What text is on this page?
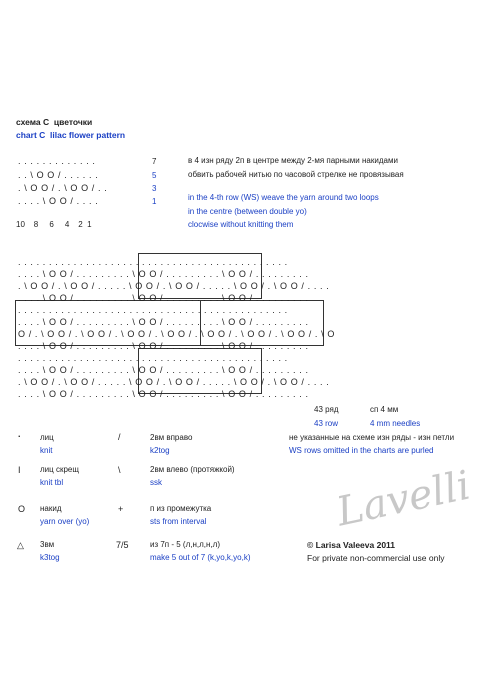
схема С  цветочки
chart C  lilac flower pattern
. . . . . . . . . . . . .	7
. . \ O O / . . . . . .	5
. \ O O / . \ O O / . .	3
. . . . \ O O / . . . .	1
10    8     6     4    2  1
в 4 изн ряду 2п в центре между 2-мя парными накидами
обвить рабочей нитью по часовой стрелке не провязывая
in the 4-th row (WS) weave the yarn around two loops
in the centre (between double yo)
clocwise without knitting them
. . . . . . . . . . . . . . . . . . . . . . . . . . . . . . . . . . . . . . . . . . . .
. . . . \ O O / . . . . . . . . . \ O O / . . . . . . . . . \ O O / . . . . . . . . .
. \ O O / . \ O O / . . . . . \ O O / . \ O O / . . . . . \ O O / . \ O O / . . . .
. . . . \ O O / . . . . . . . . . \ O O / . . . . . . . . . \ O O / . . . . . . . . .
. . . . . . . . . . . . . . . . . . . . . . . . . . . . . . . . . . . . . . . . . . . .
. . . . \ O O / . . . . . . . . . \ O O / . . . . . . . . . \ O O / . . . . . . . . .
O / . \ O O / . \ O O / . \ O O / . \ O O / . \ O O / . \ O O / . \ O O / . \ O
. . . . \ O O / . . . . . . . . . \ O O / . . . . . . . . . \ O O / . . . . . . . . .
. . . . . . . . . . . . . . . . . . . . . . . . . . . . . . . . . . . . . . . . . . . .
. . . . \ O O / . . . . . . . . . \ O O / . . . . . . . . . \ O O / . . . . . . . . .
. \ O O / . \ O O / . . . . . \ O O / . \ O O / . . . . . \ O O / . \ O O / . . . .
. . . . \ O O / . . . . . . . . . \ O O / . . . . . . . . . \ O O / . . . . . . . . .
43 ряд	сп 4 мм
43 row	4 mm needles
. лиц
knit
I лиц скрещ
knit tbl
O накид
yarn over (yo)
△ 3вм
k3tog
/	2вм вправо
k2tog
\	2вм влево (протяжкой)
ssk
+	п из промежутка
sts from interval
7/5	из 7п - 5 (л,н,л,н,л)
make 5 out of 7 (k,yo,k,yo,k)
не указанные на схеме изн ряды - изн петли
WS rows omitted in the charts are purled
Lavelli
© Larisa Valeeva 2011
For private non-commercial use only
